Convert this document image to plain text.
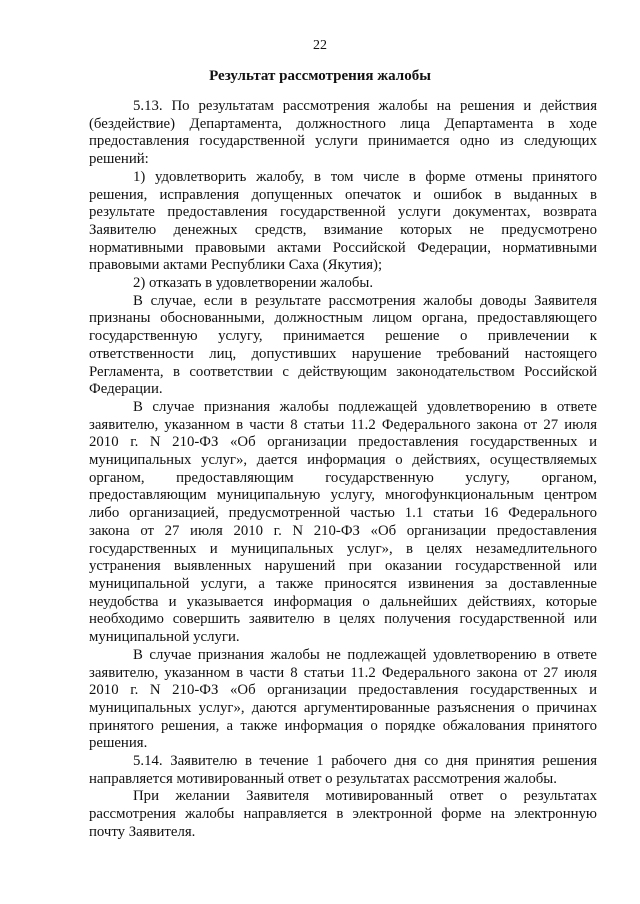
22
Результат рассмотрения жалобы

5.13. По результатам рассмотрения жалобы на решения и действия (бездействие) Департамента, должностного лица Департамента в ходе предоставления государственной услуги принимается одно из следующих решений:

1) удовлетворить жалобу, в том числе в форме отмены принятого решения, исправления допущенных опечаток и ошибок в выданных в результате предоставления государственной услуги документах, возврата Заявителю денежных средств, взимание которых не предусмотрено нормативными правовыми актами Российской Федерации, нормативными правовыми актами Республики Саха (Якутия);

2) отказать в удовлетворении жалобы.

В случае, если в результате рассмотрения жалобы доводы Заявителя признаны обоснованными, должностным лицом органа, предоставляющего государственную услугу, принимается решение о привлечении к ответственности лиц, допустивших нарушение требований настоящего Регламента, в соответствии с действующим законодательством Российской Федерации.

В случае признания жалобы подлежащей удовлетворению в ответе заявителю, указанном в части 8 статьи 11.2 Федерального закона от 27 июля 2010 г. N 210-ФЗ «Об организации предоставления государственных и муниципальных услуг», дается информация о действиях, осуществляемых органом, предоставляющим государственную услугу, органом, предоставляющим муниципальную услугу, многофункциональным центром либо организацией, предусмотренной частью 1.1 статьи 16 Федерального закона от 27 июля 2010 г. N 210-ФЗ «Об организации предоставления государственных и муниципальных услуг», в целях незамедлительного устранения выявленных нарушений при оказании государственной или муниципальной услуги, а также приносятся извинения за доставленные неудобства и указывается информация о дальнейших действиях, которые необходимо совершить заявителю в целях получения государственной или муниципальной услуги.

В случае признания жалобы не подлежащей удовлетворению в ответе заявителю, указанном в части 8 статьи 11.2 Федерального закона от 27 июля 2010 г. N 210-ФЗ «Об организации предоставления государственных и муниципальных услуг», даются аргументированные разъяснения о причинах принятого решения, а также информация о порядке обжалования принятого решения.

5.14. Заявителю в течение 1 рабочего дня со дня принятия решения направляется мотивированный ответ о результатах рассмотрения жалобы.

При желании Заявителя мотивированный ответ о результатах рассмотрения жалобы направляется в электронной форме на электронную почту Заявителя.
